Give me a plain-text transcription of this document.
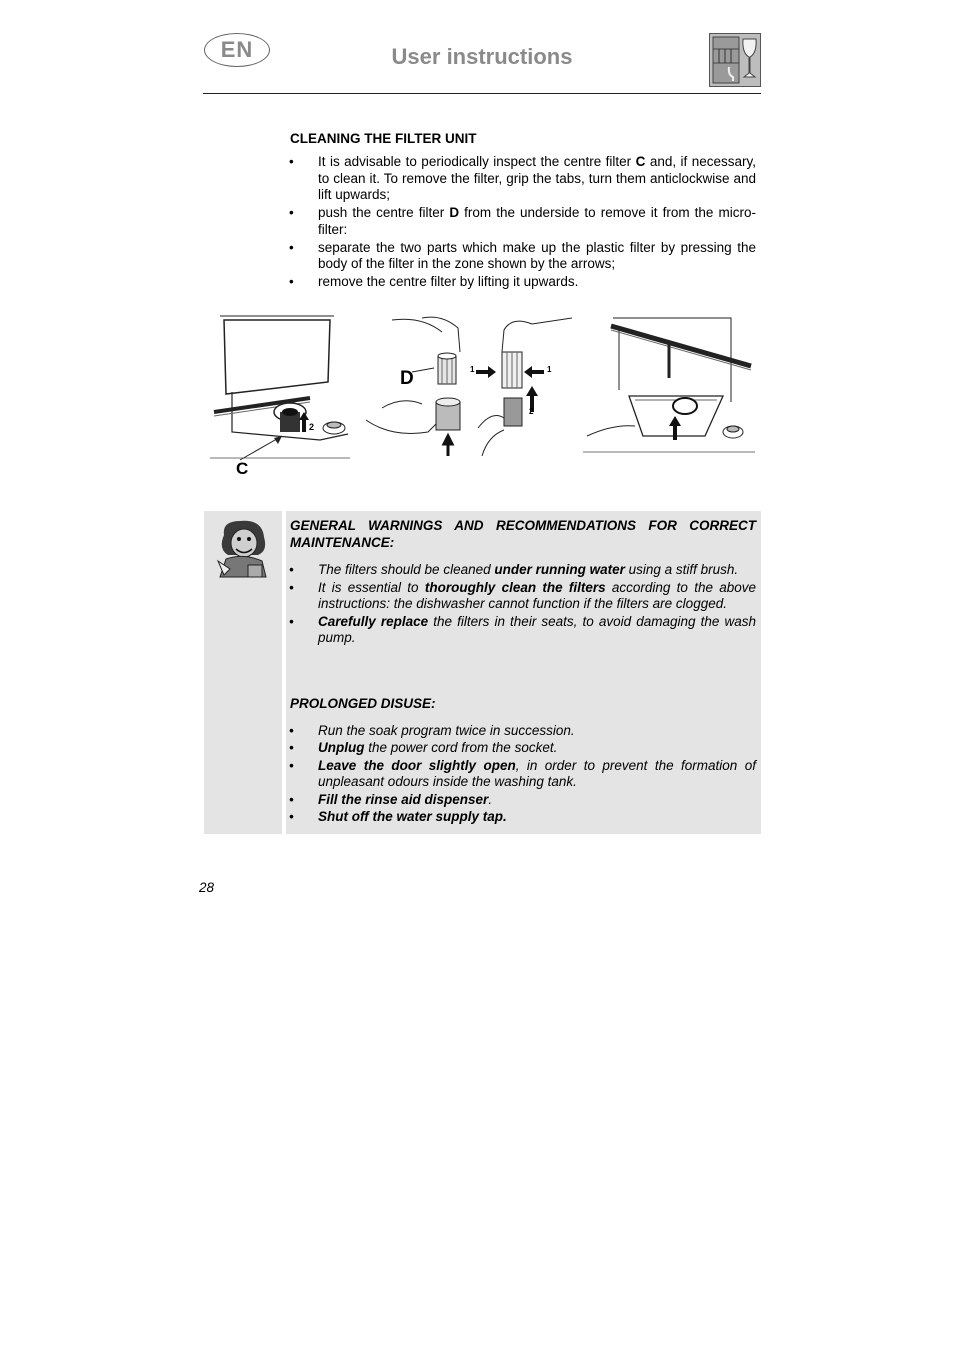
EN	User instructions
CLEANING THE FILTER UNIT
• It is advisable to periodically inspect the centre filter C and, if necessary, to clean it. To remove the filter, grip the tabs, turn them anticlockwise and lift upwards;
• push the centre filter D from the underside to remove it from the micro-filter:
• separate the two parts which make up the plastic filter by pressing the body of the filter in the zone shown by the arrows;
• remove the centre filter by lifting it upwards.
2
C
D	1	1
2
GENERAL WARNINGS AND RECOMMENDATIONS FOR CORRECT MAINTENANCE:
• The filters should be cleaned under running water using a stiff brush.
• It is essential to thoroughly clean the filters according to the above instructions: the dishwasher cannot function if the filters are clogged.
• Carefully replace the filters in their seats, to avoid damaging the wash pump.
PROLONGED DISUSE:
• Run the soak program twice in succession.
• Unplug the power cord from the socket.
• Leave the door slightly open, in order to prevent the formation of unpleasant odours inside the washing tank.
• Fill the rinse aid dispenser.
• Shut off the water supply tap.
28
